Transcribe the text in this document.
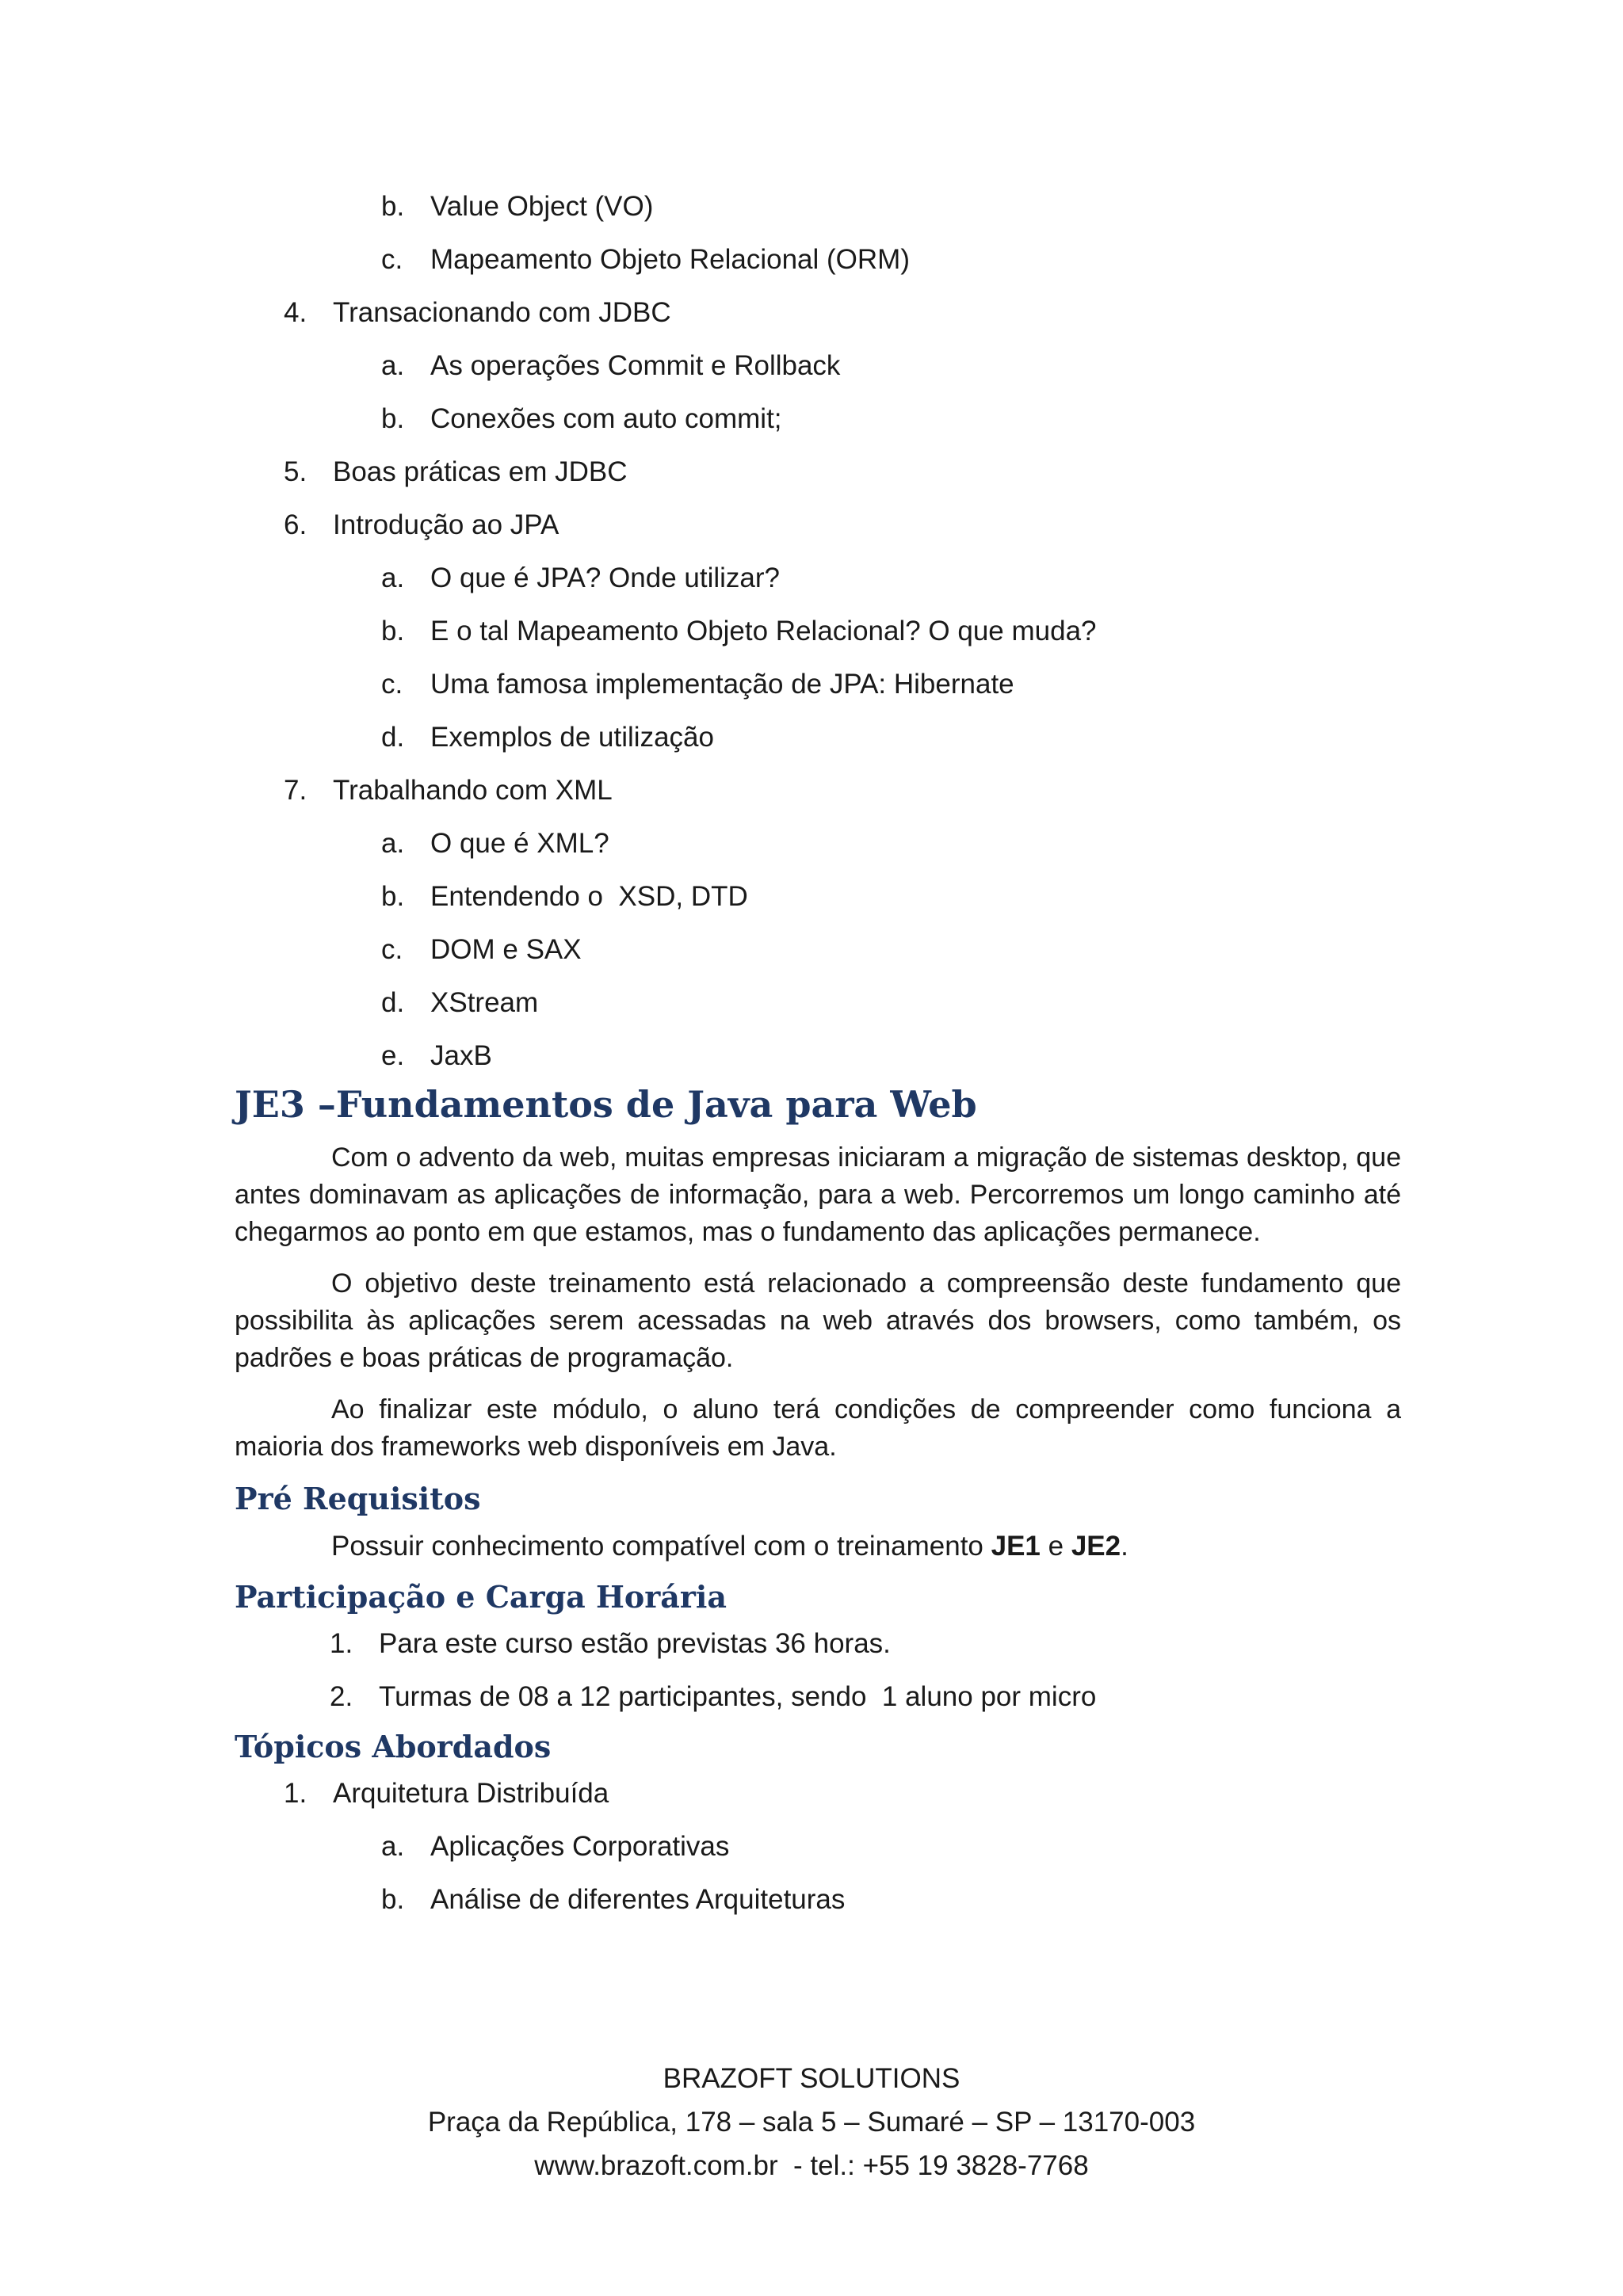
b. Value Object (VO)
c. Mapeamento Objeto Relacional (ORM)
4. Transacionando com JDBC
a. As operações Commit e Rollback
b. Conexões com auto commit;
5. Boas práticas em JDBC
6. Introdução ao JPA
a. O que é JPA? Onde utilizar?
b. E o tal Mapeamento Objeto Relacional? O que muda?
c. Uma famosa implementação de JPA: Hibernate
d. Exemplos de utilização
7. Trabalhando com XML
a. O que é XML?
b. Entendendo o  XSD, DTD
c. DOM e SAX
d. XStream
e. JaxB
JE3 –Fundamentos de Java para Web

Com o advento da web, muitas empresas iniciaram a migração de sistemas desktop, que antes dominavam as aplicações de informação, para a web. Percorremos um longo caminho até chegarmos ao ponto em que estamos, mas o fundamento das aplicações permanece.

O objetivo deste treinamento está relacionado a compreensão deste fundamento que possibilita às aplicações serem acessadas na web através dos browsers, como também, os padrões e boas práticas de programação.

Ao finalizar este módulo, o aluno terá condições de compreender como funciona a maioria dos frameworks web disponíveis em Java.

Pré Requisitos

Possuir conhecimento compatível com o treinamento JE1 e JE2.

Participação e Carga Horária
1. Para este curso estão previstas 36 horas.
2. Turmas de 08 a 12 participantes, sendo  1 aluno por micro
Tópicos Abordados
1. Arquitetura Distribuída
a. Aplicações Corporativas
b. Análise de diferentes Arquiteturas
BRAZOFT SOLUTIONS
Praça da República, 178 – sala 5 – Sumaré – SP – 13170-003
www.brazoft.com.br  - tel.: +55 19 3828-7768
